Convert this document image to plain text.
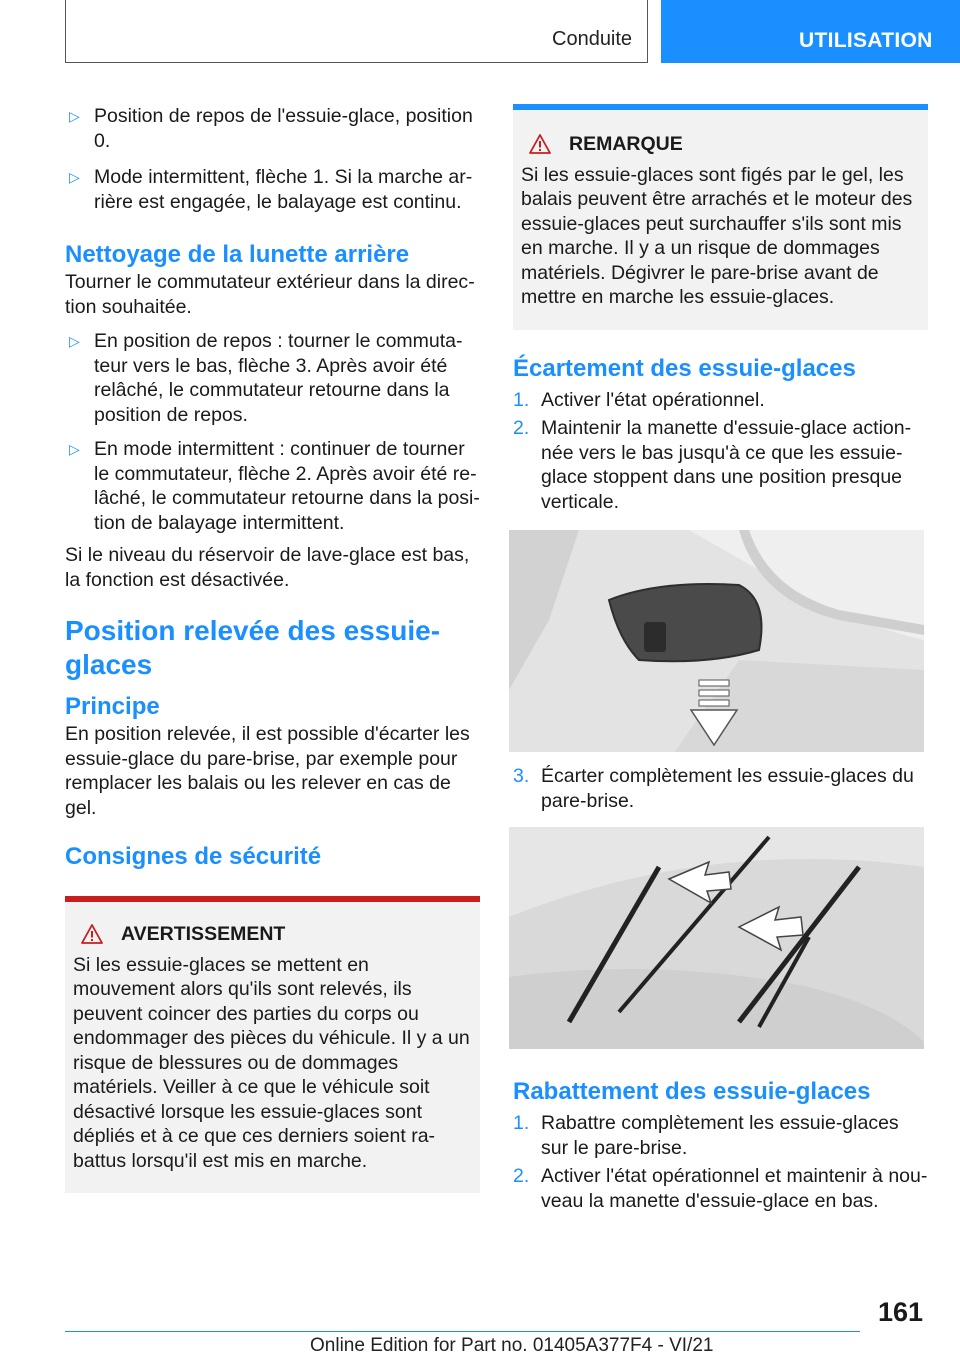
Conduite	UTILISATION

▷ Position de repos de l'essuie-glace, position 0.

▷ Mode intermittent, flèche 1. Si la marche arrière est engagée, le balayage est continu.

Nettoyage de la lunette arrière

Tourner le commutateur extérieur dans la direction souhaitée.

▷ En position de repos : tourner le commutateur vers le bas, flèche 3. Après avoir été relâché, le commutateur retourne dans la position de repos.

▷ En mode intermittent : continuer de tourner le commutateur, flèche 2. Après avoir été relâché, le commutateur retourne dans la position de balayage intermittent.

Si le niveau du réservoir de lave-glace est bas, la fonction est désactivée.

Position relevée des essuie-glaces
Principe

En position relevée, il est possible d'écarter les essuie-glace du pare-brise, par exemple pour remplacer les balais ou les relever en cas de gel.

Consignes de sécurité
AVERTISSEMENT

Si les essuie-glaces se mettent en mouvement alors qu'ils sont relevés, ils peuvent coincer des parties du corps ou endommager des pièces du véhicule. Il y a un risque de blessures ou de dommages matériels. Veiller à ce que le véhicule soit désactivé lorsque les essuie-glaces sont dépliés et à ce que ces derniers soient rabattus lorsqu'il est mis en marche.

REMARQUE

Si les essuie-glaces sont figés par le gel, les balais peuvent être arrachés et le moteur des essuie-glaces peut surchauffer s'ils sont mis en marche. Il y a un risque de dommages matériels. Dégivrer le pare-brise avant de mettre en marche les essuie-glaces.

Écartement des essuie-glaces

1. Activer l'état opérationnel.

2. Maintenir la manette d'essuie-glace actionnée vers le bas jusqu'à ce que les essuie-glace stoppent dans une position presque verticale.

3. Écarter complètement les essuie-glaces du pare-brise.

Rabattement des essuie-glaces

1. Rabattre complètement les essuie-glaces sur le pare-brise.

2. Activer l'état opérationnel et maintenir à nouveau la manette d'essuie-glace en bas.

161
Online Edition for Part no. 01405A377F4 - VI/21
